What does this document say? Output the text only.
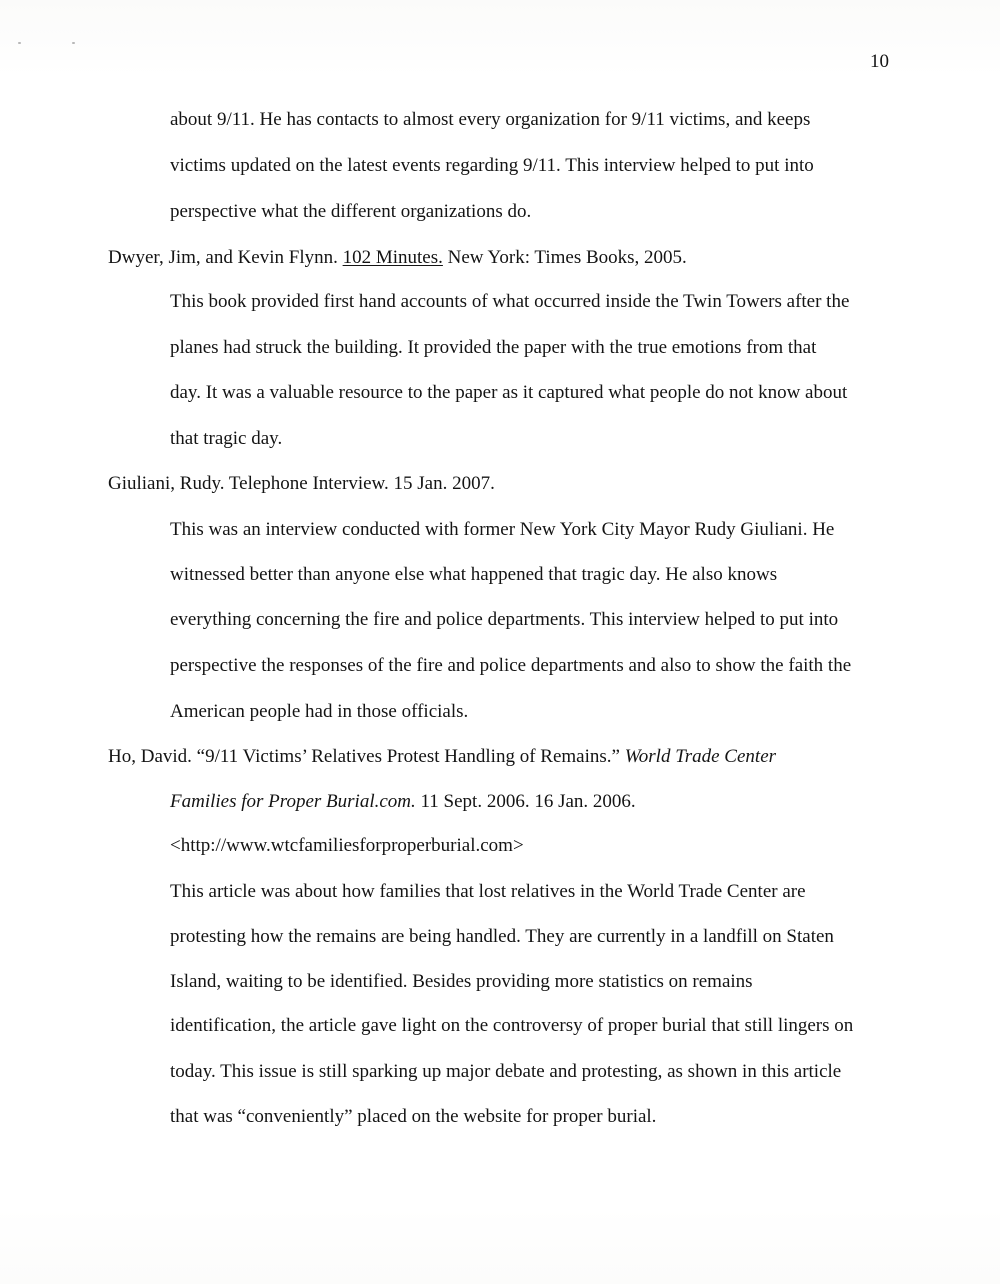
10
about 9/11. He has contacts to almost every organization for 9/11 victims, and keeps
victims updated on the latest events regarding 9/11. This interview helped to put into
perspective what the different organizations do.
Dwyer, Jim, and Kevin Flynn. 102 Minutes. New York: Times Books, 2005.
This book provided first hand accounts of what occurred inside the Twin Towers after the
planes had struck the building. It provided the paper with the true emotions from that
day. It was a valuable resource to the paper as it captured what people do not know about
that tragic day.
Giuliani, Rudy. Telephone Interview. 15 Jan. 2007.
This was an interview conducted with former New York City Mayor Rudy Giuliani. He
witnessed better than anyone else what happened that tragic day. He also knows
everything concerning the fire and police departments. This interview helped to put into
perspective the responses of the fire and police departments and also to show the faith the
American people had in those officials.
Ho, David. “9/11 Victims’ Relatives Protest Handling of Remains.” World Trade Center
Families for Proper Burial.com. 11 Sept. 2006. 16 Jan. 2006.
<http://www.wtcfamiliesforproperburial.com>
This article was about how families that lost relatives in the World Trade Center are
protesting how the remains are being handled. They are currently in a landfill on Staten
Island, waiting to be identified. Besides providing more statistics on remains
identification, the article gave light on the controversy of proper burial that still lingers on
today. This issue is still sparking up major debate and protesting, as shown in this article
that was “conveniently” placed on the website for proper burial.
